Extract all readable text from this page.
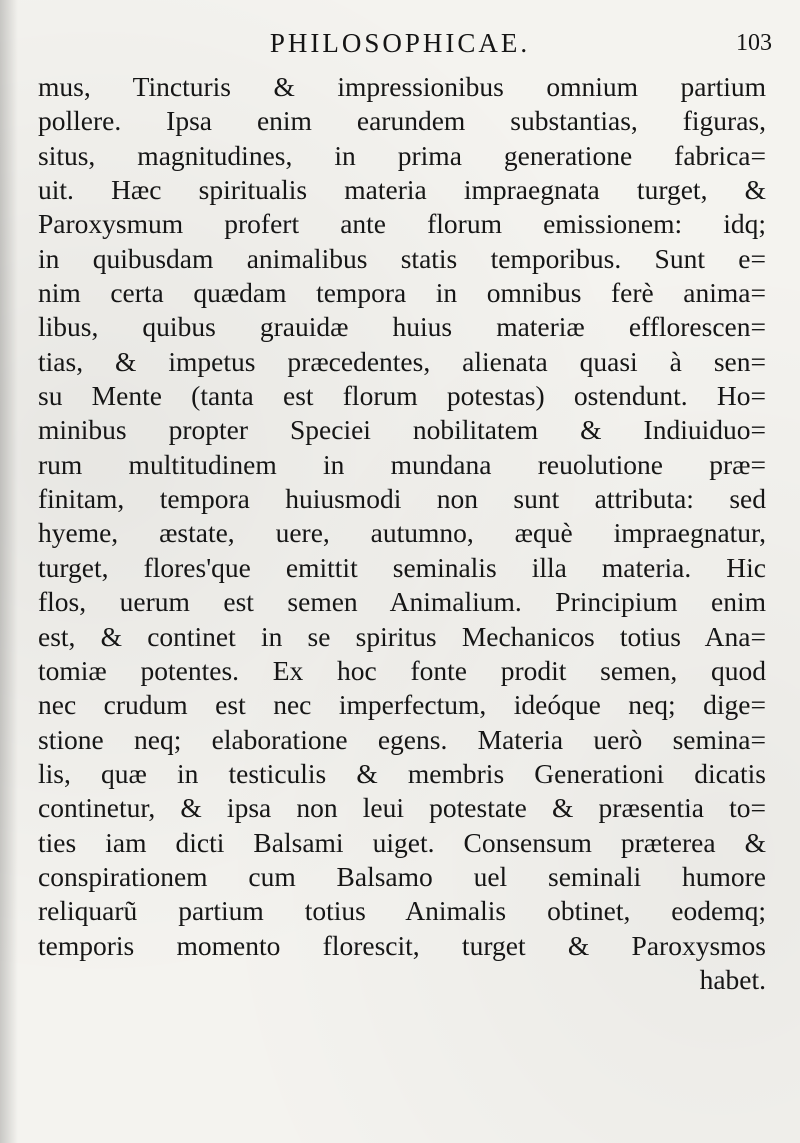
PHILOSOPHICAE.	103
mus, Tincturis & impressionibus omnium partium
pollere. Ipsa enim earundem substantias, figuras,
situs, magnitudines, in prima generatione fabrica=
uit. Hæc spiritualis materia impraegnata turget, &
Paroxysmum profert ante florum emissionem: idq;
in quibusdam animalibus statis temporibus. Sunt e=
nim certa quædam tempora in omnibus ferè anima=
libus, quibus grauidæ huius materiæ efflorescen=
tias, & impetus præcedentes, alienata quasi à sen=
su Mente (tanta est florum potestas) ostendunt. Ho=
minibus propter Speciei nobilitatem & Indiuiduo=
rum multitudinem in mundana reuolutione præ=
finitam, tempora huiusmodi non sunt attributa: sed
hyeme, æstate, uere, autumno, æquè impraegnatur,
turget, flores'que emittit seminalis illa materia. Hic
flos, uerum est semen Animalium. Principium enim
est, & continet in se spiritus Mechanicos totius Ana=
tomiæ potentes. Ex hoc fonte prodit semen, quod
nec crudum est nec imperfectum, ideóque neq; dige=
stione neq; elaboratione egens. Materia uerò semina=
lis, quæ in testiculis & membris Generationi dicatis
continetur, & ipsa non leui potestate & præsentia to=
ties iam dicti Balsami uiget. Consensum præterea &
conspirationem cum Balsamo uel seminali humore
reliquarũ partium totius Animalis obtinet, eodemq;
temporis momento florescit, turget & Paroxysmos
habet.
